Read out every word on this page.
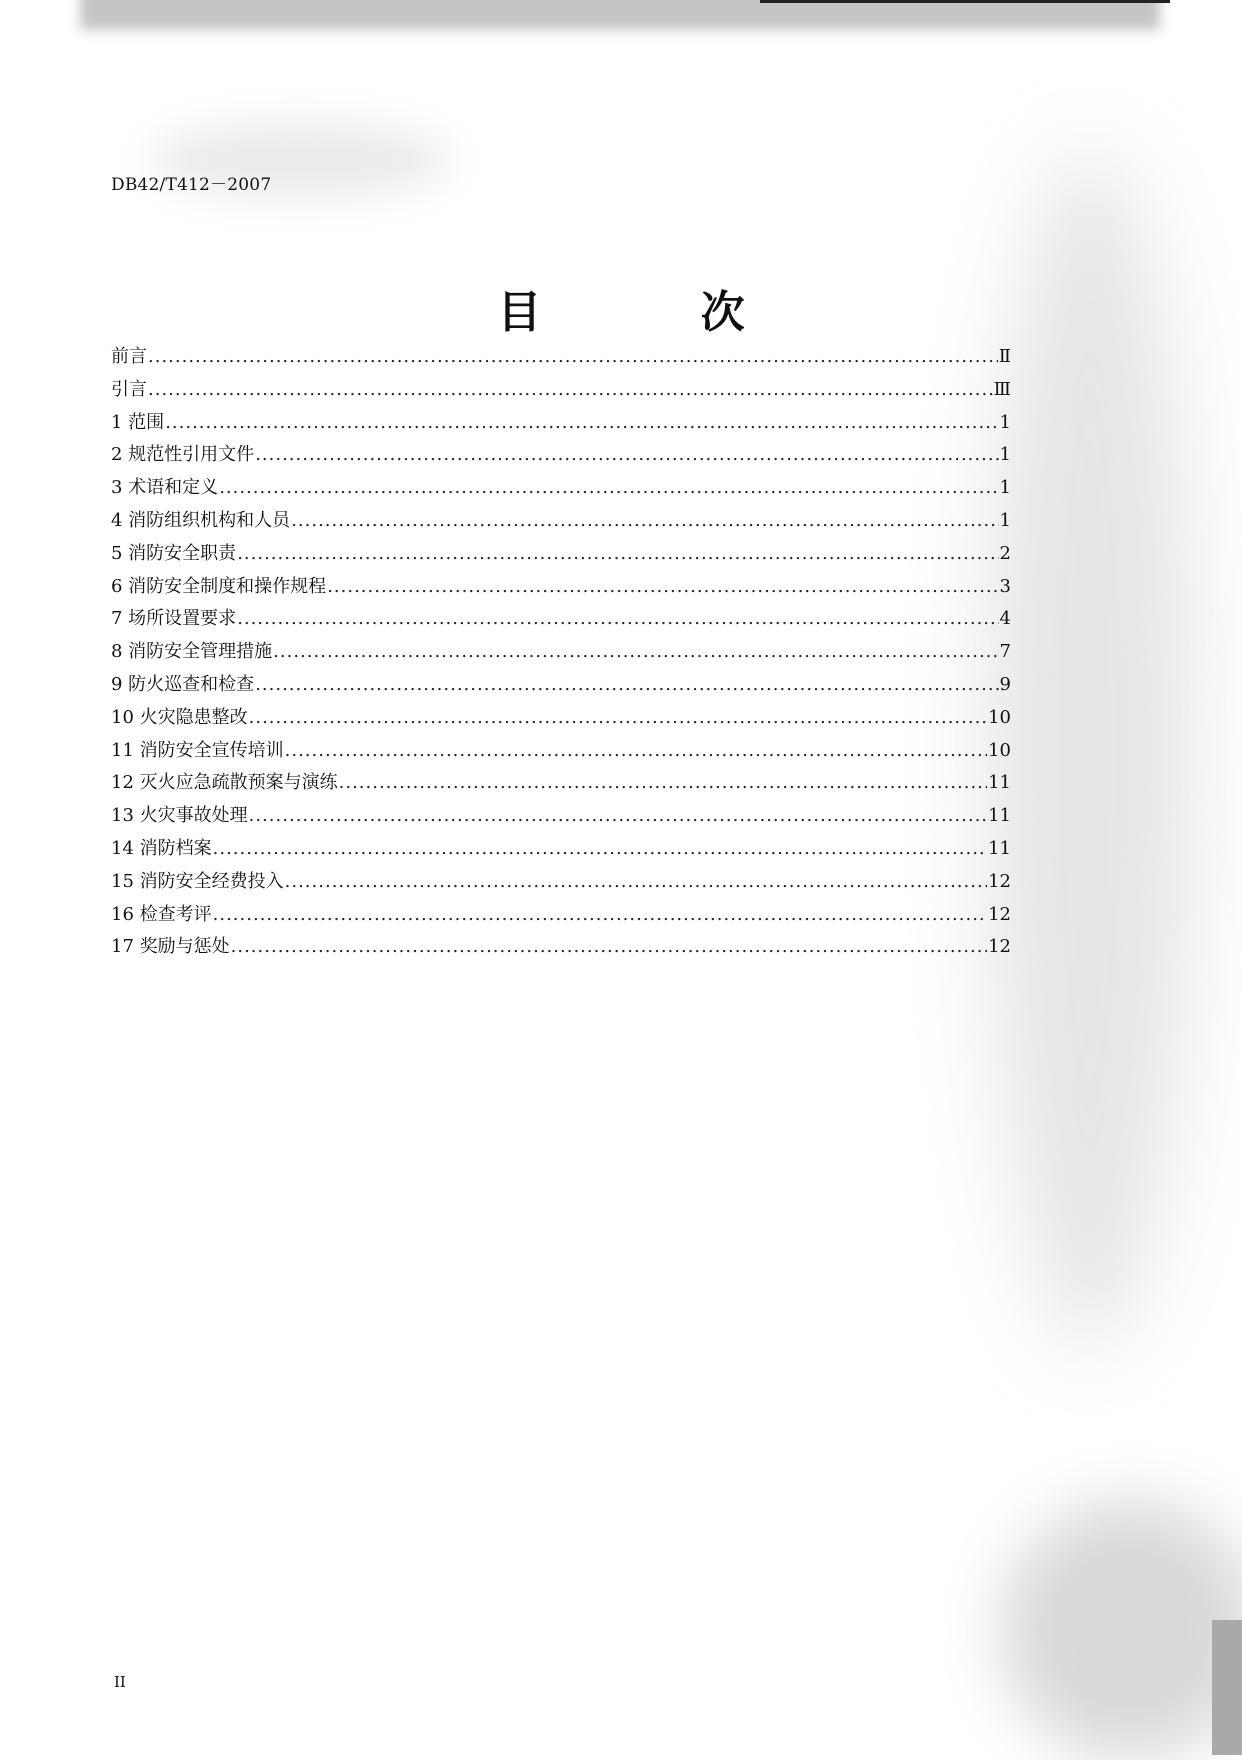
DB42/T412－2007
目 次
前言 .....	Ⅱ
引言 .....	Ⅲ
1 范围 .....	1
2 规范性引用文件 .....	1
3 术语和定义 .....	1
4 消防组织机构和人员 .....	1
5 消防安全职责 .....	2
6 消防安全制度和操作规程 .....	3
7 场所设置要求 .....	4
8 消防安全管理措施 .....	7
9 防火巡查和检查 .....	9
10 火灾隐患整改 .....	10
11 消防安全宣传培训 .....	10
12 灭火应急疏散预案与演练 .....	11
13 火灾事故处理 .....	11
14 消防档案 .....	11
15 消防安全经费投入 .....	12
16 检查考评 .....	12
17 奖励与惩处 .....	12
II
